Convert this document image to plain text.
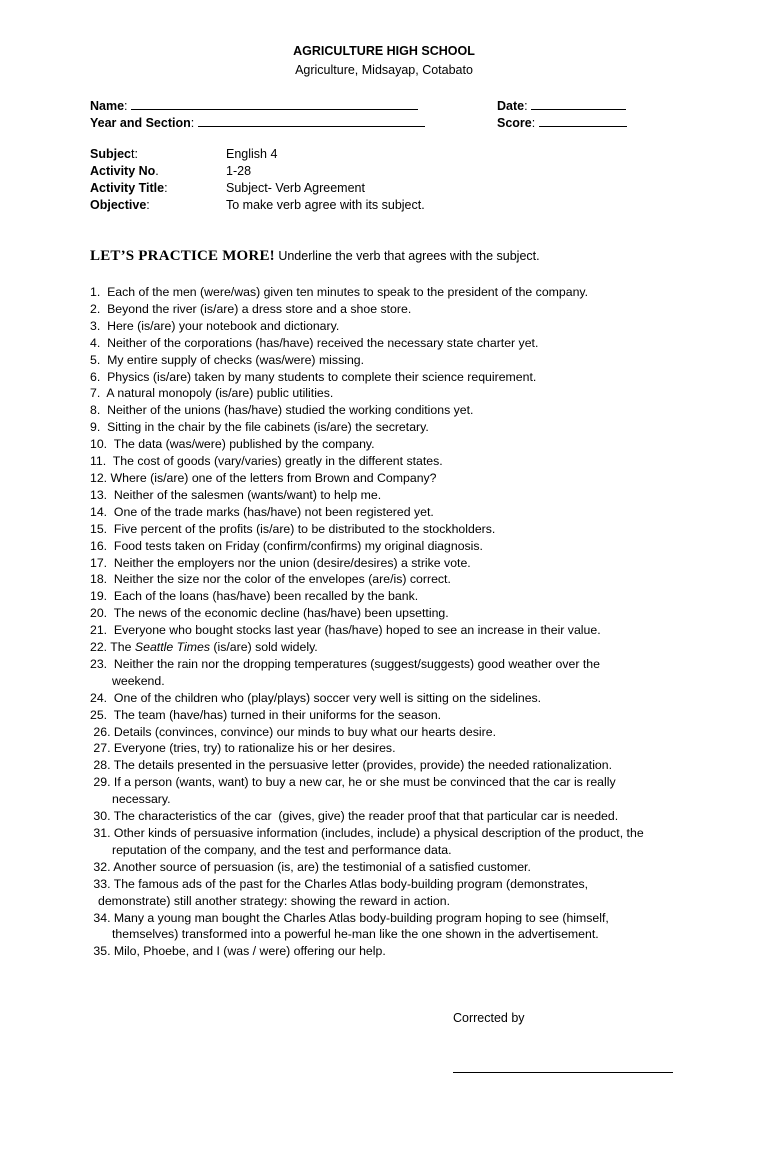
AGRICULTURE HIGH SCHOOL
Agriculture, Midsayap, Cotabato
Name:	Date:
Year and Section:	Score:
Subject:	English 4
Activity No.	1-28
Activity Title:	Subject- Verb Agreement
Objective:	To make verb agree with its subject.
LET’S PRACTICE MORE! Underline the verb that agrees with the subject.
1.  Each of the men (were/was) given ten minutes to speak to the president of the company.
2.  Beyond the river (is/are) a dress store and a shoe store.
3.  Here (is/are) your notebook and dictionary.
4.  Neither of the corporations (has/have) received the necessary state charter yet.
5.  My entire supply of checks (was/were) missing.
6.  Physics (is/are) taken by many students to complete their science requirement.
7.  A natural monopoly (is/are) public utilities.
8.  Neither of the unions (has/have) studied the working conditions yet.
9.  Sitting in the chair by the file cabinets (is/are) the secretary.
10.  The data (was/were) published by the company.
11.  The cost of goods (vary/varies) greatly in the different states.
12. Where (is/are) one of the letters from Brown and Company?
13.  Neither of the salesmen (wants/want) to help me.
14.  One of the trade marks (has/have) not been registered yet.
15.  Five percent of the profits (is/are) to be distributed to the stockholders.
16.  Food tests taken on Friday (confirm/confirms) my original diagnosis.
17.  Neither the employers nor the union (desire/desires) a strike vote.
18.  Neither the size nor the color of the envelopes (are/is) correct.
19.  Each of the loans (has/have) been recalled by the bank.
20.  The news of the economic decline (has/have) been upsetting.
21.  Everyone who bought stocks last year (has/have) hoped to see an increase in their value.
22. The Seattle Times (is/are) sold widely.
23.  Neither the rain nor the dropping temperatures (suggest/suggests) good weather over the
weekend.
24.  One of the children who (play/plays) soccer very well is sitting on the sidelines.
25.  The team (have/has) turned in their uniforms for the season.
26. Details (convinces, convince) our minds to buy what our hearts desire.
27. Everyone (tries, try) to rationalize his or her desires.
28. The details presented in the persuasive letter (provides, provide) the needed rationalization.
29. If a person (wants, want) to buy a new car, he or she must be convinced that the car is really
necessary.
30. The characteristics of the car  (gives, give) the reader proof that that particular car is needed.
31. Other kinds of persuasive information (includes, include) a physical description of the product, the
reputation of the company, and the test and performance data.
32. Another source of persuasion (is, are) the testimonial of a satisfied customer.
33. The famous ads of the past for the Charles Atlas body-building program (demonstrates,
demonstrate) still another strategy: showing the reward in action.
34. Many a young man bought the Charles Atlas body-building program hoping to see (himself,
themselves) transformed into a powerful he-man like the one shown in the advertisement.
35. Milo, Phoebe, and I (was / were) offering our help.
Corrected by
